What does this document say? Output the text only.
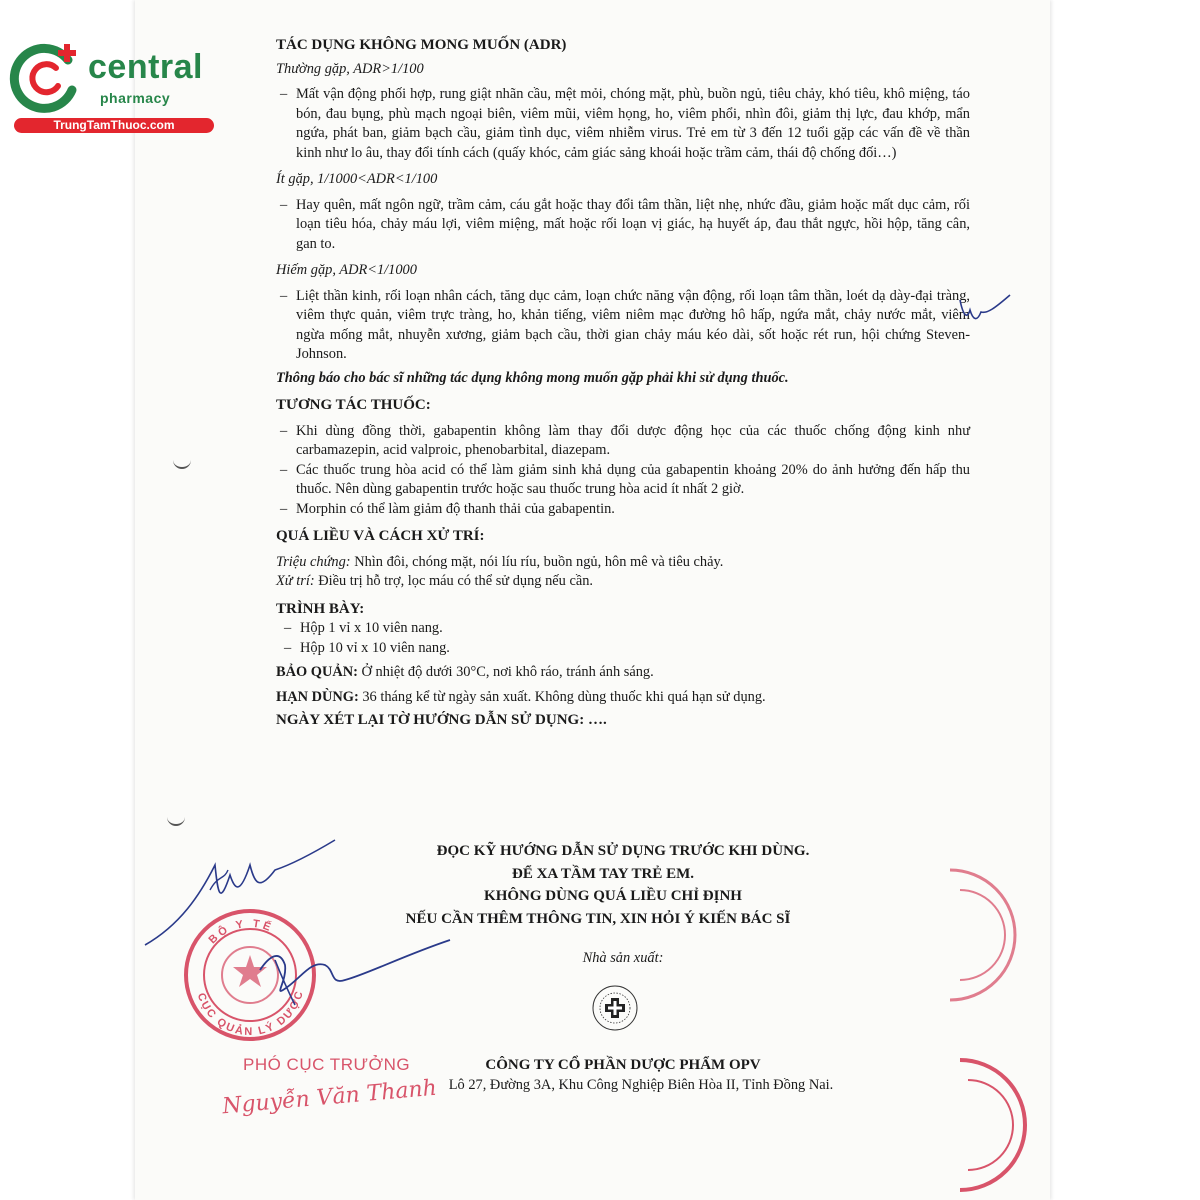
central
pharmacy
TrungTamThuoc.com
TÁC DỤNG KHÔNG MONG MUỐN (ADR)
Thường gặp, ADR>1/100
– Mất vận động phối hợp, rung giật nhãn cầu, mệt mỏi, chóng mặt, phù, buồn ngủ, tiêu chảy, khó tiêu, khô miệng, táo bón, đau bụng, phù mạch ngoại biên, viêm mũi, viêm họng, ho, viêm phổi, nhìn đôi, giảm thị lực, đau khớp, mẩn ngứa, phát ban, giảm bạch cầu, giảm tình dục, viêm nhiễm virus. Trẻ em từ 3 đến 12 tuổi gặp các vấn đề về thần kinh như lo âu, thay đổi tính cách (quấy khóc, cảm giác sảng khoái hoặc trầm cảm, thái độ chống đối…)
Ít gặp, 1/1000<ADR<1/100
– Hay quên, mất ngôn ngữ, trầm cảm, cáu gắt hoặc thay đổi tâm thần, liệt nhẹ, nhức đầu, giảm hoặc mất dục cảm, rối loạn tiêu hóa, chảy máu lợi, viêm miệng, mất hoặc rối loạn vị giác, hạ huyết áp, đau thắt ngực, hồi hộp, tăng cân, gan to.
Hiếm gặp, ADR<1/1000
– Liệt thần kinh, rối loạn nhân cách, tăng dục cảm, loạn chức năng vận động, rối loạn tâm thần, loét dạ dày-đại tràng, viêm thực quản, viêm trực tràng, ho, khản tiếng, viêm niêm mạc đường hô hấp, ngứa mắt, chảy nước mắt, viêm ngừa mống mắt, nhuyễn xương, giảm bạch cầu, thời gian chảy máu kéo dài, sốt hoặc rét run, hội chứng Steven-Johnson.
Thông báo cho bác sĩ những tác dụng không mong muốn gặp phải khi sử dụng thuốc.
TƯƠNG TÁC THUỐC:
– Khi dùng đồng thời, gabapentin không làm thay đổi dược động học của các thuốc chống động kinh như carbamazepin, acid valproic, phenobarbital, diazepam.
– Các thuốc trung hòa acid có thể làm giảm sinh khả dụng của gabapentin khoảng 20% do ảnh hưởng đến hấp thu thuốc. Nên dùng gabapentin trước hoặc sau thuốc trung hòa acid ít nhất 2 giờ.
– Morphin có thể làm giảm độ thanh thải của gabapentin.
QUÁ LIỀU VÀ CÁCH XỬ TRÍ:
Triệu chứng: Nhìn đôi, chóng mặt, nói líu ríu, buồn ngủ, hôn mê và tiêu chảy.
Xử trí: Điều trị hỗ trợ, lọc máu có thể sử dụng nếu cần.
TRÌNH BÀY:
– Hộp 1 vỉ x 10 viên nang.
– Hộp 10 vỉ x 10 viên nang.
BẢO QUẢN: Ở nhiệt độ dưới 30°C, nơi khô ráo, tránh ánh sáng.
HẠN DÙNG: 36 tháng kể từ ngày sản xuất. Không dùng thuốc khi quá hạn sử dụng.
NGÀY XÉT LẠI TỜ HƯỚNG DẪN SỬ DỤNG: ….
ĐỌC KỸ HƯỚNG DẪN SỬ DỤNG TRƯỚC KHI DÙNG.
ĐỂ XA TẦM TAY TRẺ EM.
KHÔNG DÙNG QUÁ LIỀU CHỈ ĐỊNH
NẾU CẦN THÊM THÔNG TIN, XIN HỎI Ý KIẾN BÁC SĨ
Nhà sản xuất:
CÔNG TY CỔ PHẦN DƯỢC PHẨM OPV
Lô 27, Đường 3A, Khu Công Nghiệp Biên Hòa II, Tỉnh Đồng Nai.
BỘ Y TẾ
CỤC QUẢN LÝ DƯỢC
PHÓ CỤC TRƯỞNG
Nguyễn Văn Thanh
